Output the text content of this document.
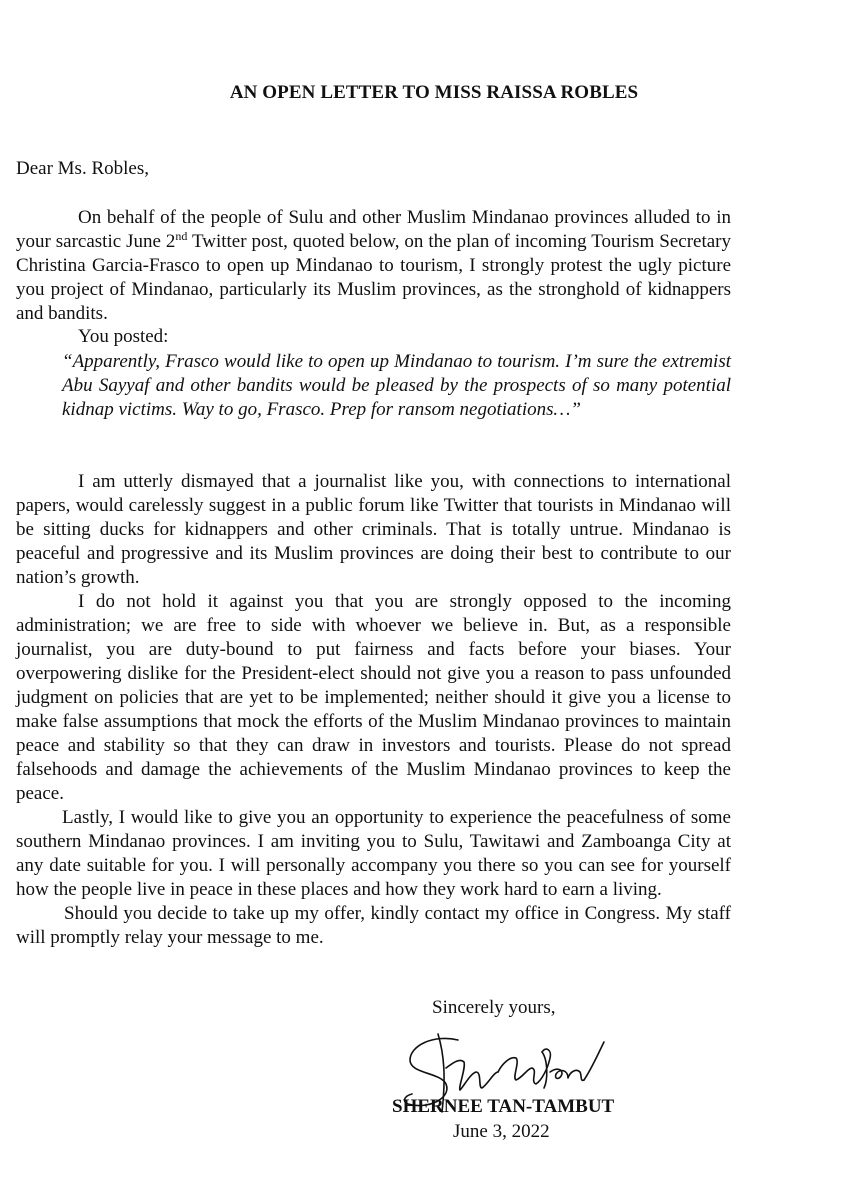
AN OPEN LETTER TO MISS RAISSA ROBLES
Dear Ms. Robles,

On behalf of the people of Sulu and other Muslim Mindanao provinces alluded to in your sarcastic June 2nd Twitter post, quoted below, on the plan of incoming Tourism Secretary Christina Garcia-Frasco to open up Mindanao to tourism, I strongly protest the ugly picture you project of Mindanao, particularly its Muslim provinces, as the stronghold of kidnappers and bandits.

You posted:

“Apparently, Frasco would like to open up Mindanao to tourism. I’m sure the extremist Abu Sayyaf and other bandits would be pleased by the prospects of so many potential kidnap victims. Way to go, Frasco. Prep for ransom negotiations…”

I am utterly dismayed that a journalist like you, with connections to international papers, would carelessly suggest in a public forum like Twitter that tourists in Mindanao will be sitting ducks for kidnappers and other criminals. That is totally untrue. Mindanao is peaceful and progressive and its Muslim provinces are doing their best to contribute to our nation’s growth.

I do not hold it against you that you are strongly opposed to the incoming administration; we are free to side with whoever we believe in. But, as a responsible journalist, you are duty-bound to put fairness and facts before your biases. Your overpowering dislike for the President-elect should not give you a reason to pass unfounded judgment on policies that are yet to be implemented; neither should it give you a license to make false assumptions that mock the efforts of the Muslim Mindanao provinces to maintain peace and stability so that they can draw in investors and tourists. Please do not spread falsehoods and damage the achievements of the Muslim Mindanao provinces to keep the peace.

Lastly, I would like to give you an opportunity to experience the peacefulness of some southern Mindanao provinces. I am inviting you to Sulu, Tawitawi and Zamboanga City at any date suitable for you. I will personally accompany you there so you can see for yourself how the people live in peace in these places and how they work hard to earn a living.

Should you decide to take up my offer, kindly contact my office in Congress. My staff will promptly relay your message to me.

Sincerely yours,
SHERNEE TAN-TAMBUT
June 3, 2022
